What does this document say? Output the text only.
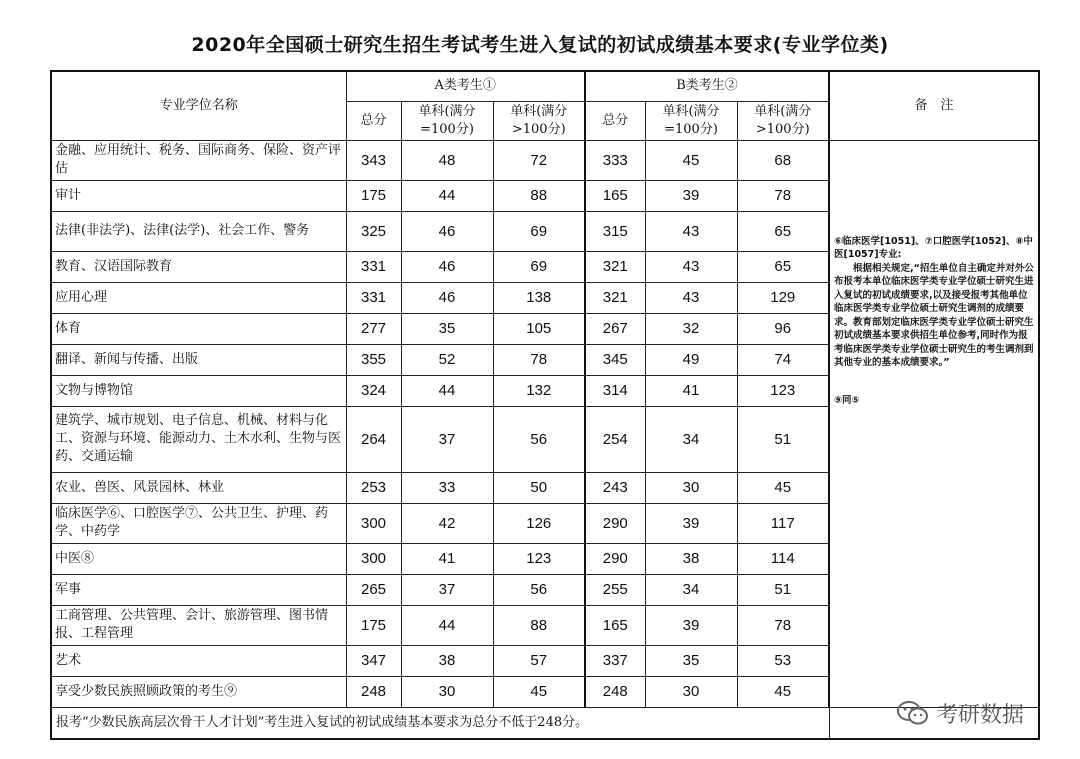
2020年全国硕士研究生招生考试考生进入复试的初试成绩基本要求(专业学位类)
专业学位名称	A类考生①			B类考生②			备　注
	总分	单科(满分=100分)	单科(满分>100分)	总分	单科(满分=100分)	单科(满分>100分)	
金融、应用统计、税务、国际商务、保险、资产评估	343	48	72	333	45	68	⑥临床医学[1051]、⑦口腔医学[1052]、⑧中医[1057]专业:

根据相关规定,“招生单位自主确定并对外公布报考本单位临床医学类专业学位硕士研究生进入复试的初试成绩要求,以及接受报考其他单位临床医学类专业学位硕士研究生调剂的成绩要求。教育部划定临床医学类专业学位硕士研究生初试成绩基本要求供招生单位参考,同时作为报考临床医学类专业学位硕士研究生的考生调剂到其他专业的基本成绩要求。”

⑨同⑤

审计	175	44	88	165	39	78	
法律(非法学)、法律(法学)、社会工作、警务	325	46	69	315	43	65	
教育、汉语国际教育	331	46	69	321	43	65	
应用心理	331	46	138	321	43	129	
体育	277	35	105	267	32	96	
翻译、新闻与传播、出版	355	52	78	345	49	74	
文物与博物馆	324	44	132	314	41	123	
建筑学、城市规划、电子信息、机械、材料与化工、资源与环境、能源动力、土木水利、生物与医药、交通运输	264	37	56	254	34	51	
农业、兽医、风景园林、林业	253	33	50	243	30	45	
临床医学⑥、口腔医学⑦、公共卫生、护理、药学、中药学	300	42	126	290	39	117	
中医⑧	300	41	123	290	38	114	
军事	265	37	56	255	34	51	
工商管理、公共管理、会计、旅游管理、图书情报、工程管理	175	44	88	165	39	78	
艺术	347	38	57	337	35	53	
享受少数民族照顾政策的考生⑨	248	30	45	248	30	45	
报考“少数民族高层次骨干人才计划”考生进入复试的初试成绩基本要求为总分不低于248分。								考研数据
